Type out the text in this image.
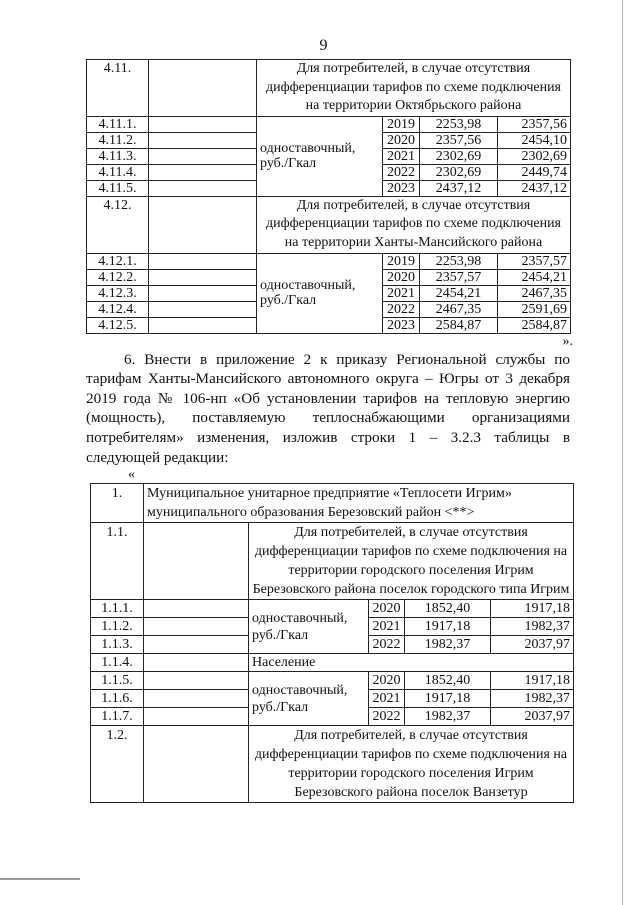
9
4.11.		Для потребителей, в случае отсутствия дифференциации тарифов по схеме подключения на территории Октябрьского района			
4.11.1.		одноставочный, руб./Гкал	2019	2253,98	2357,56
4.11.2.			2020	2357,56	2454,10
4.11.3.			2021	2302,69	2302,69
4.11.4.			2022	2302,69	2449,74
4.11.5.			2023	2437,12	2437,12
4.12.		Для потребителей, в случае отсутствия дифференциации тарифов по схеме подключения на территории Ханты-Мансийского района			
4.12.1.		одноставочный, руб./Гкал	2019	2253,98	2357,57
4.12.2.			2020	2357,57	2454,21
4.12.3.			2021	2454,21	2467,35
4.12.4.			2022	2467,35	2591,69
4.12.5.			2023	2584,87	2584,87
».
6. Внести в приложение 2 к приказу Региональной службы по тарифам Ханты-Мансийского автономного округа – Югры от 3 декабря 2019 года № 106-нп «Об установлении тарифов на тепловую энергию (мощность), поставляемую теплоснабжающими организациями потребителям» изменения, изложив строки 1 – 3.2.3 таблицы в следующей редакции:
«
1.	Муниципальное унитарное предприятие «Теплосети Игрим» муниципального образования Березовский район <**>				
1.1.		Для потребителей, в случае отсутствия дифференциации тарифов по схеме подключения на территории городского поселения Игрим Березовского района поселок городского типа Игрим			
1.1.1.		одноставочный, руб./Гкал	2020	1852,40	1917,18
1.1.2.			2021	1917,18	1982,37
1.1.3.			2022	1982,37	2037,97
1.1.4.		Население			
1.1.5.		одноставочный, руб./Гкал	2020	1852,40	1917,18
1.1.6.			2021	1917,18	1982,37
1.1.7.			2022	1982,37	2037,97
1.2.		Для потребителей, в случае отсутствия дифференциации тарифов по схеме подключения на территории городского поселения Игрим Березовского района поселок Ванзетур			
